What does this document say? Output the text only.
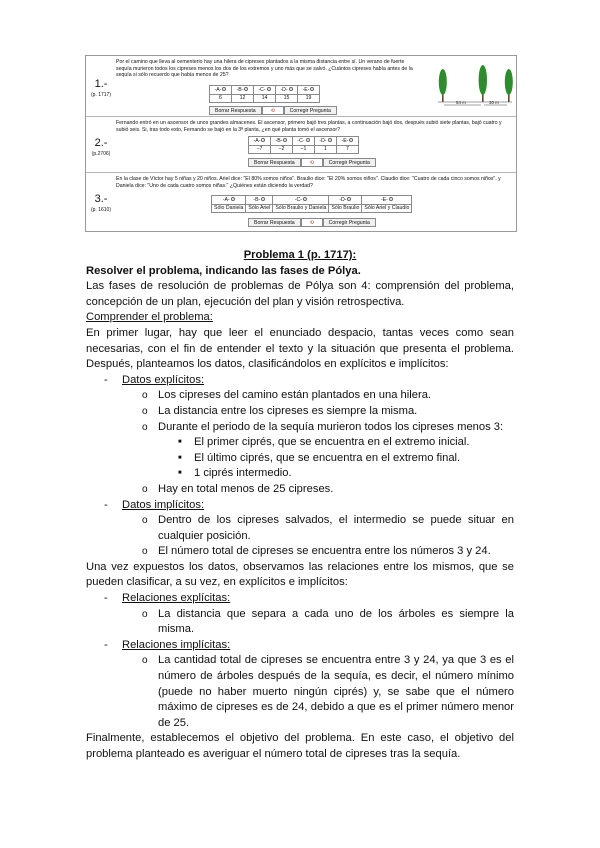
1.-
(p. 1717)
Por el camino que lleva al cementerio hay una hilera de cipreses plantados a la misma distancia entre sí. Un verano de fuerte sequía murieron todos los cipreses menos los dos de los extremos y uno más que se salvó. ¿Cuántos cipreses había antes de la sequía si sólo recuerdo que había menos de 25?
-A-	-B-	-C-	-D-	-E-
6	12	14	15	19
Borrar Respuesta	⟲	Corregir Pregunta
54 m	30 m
2.-
(p.2706)
Fernando entró en un ascensor de unos grandes almacenes. El ascensor, primero bajó tres plantas, a continuación bajó dos, después subió siete plantas, bajó cuatro y subió seis. Si, tras todo esto, Fernando se bajó en la 3ª planta, ¿en qué planta tomó el ascensor?
-A-	-B-	-C-	-D-	-E-
−7	−2	−1	1	7
Borrar Respuesta	⟲	Corregir Pregunta
3.-
(p. 1610)
En la clase de Víctor hay 5 niñas y 20 niños. Ariel dice: "El 80% somos niños". Braulio dice: "El 20% somos niños". Claudio dice: "Cuatro de cada cinco somos niños". y Daniela dice: "Uno de cada cuatro somos niñas." ¿Quiénes están diciendo la verdad?
-A-	-B-	-C-	-D-	-E-
Sólo Daniela	Sólo Ariel	Sólo Braulio y Daniela	Sólo Braulio	Sólo Ariel y Claudio
Borrar Respuesta	⟲	Corregir Pregunta

Problema 1 (p. 1717):

Resolver el problema, indicando las fases de Pólya.

Las fases de resolución de problemas de Pólya son 4: comprensión del problema, concepción de un plan, ejecución del plan y visión retrospectiva.

Comprender el problema:

En primer lugar, hay que leer el enunciado despacio, tantas veces como sean necesarias, con el fin de entender el texto y la situación que presenta el problema. Después, planteamos los datos, clasificándolos en explícitos e implícitos:

- Datos explícitos:

o Los cipreses del camino están plantados en una hilera.

o La distancia entre los cipreses es siempre la misma.

o Durante el periodo de la sequía murieron todos los cipreses menos 3:

■ El primer ciprés, que se encuentra en el extremo inicial.

■ El último ciprés, que se encuentra en el extremo final.

■ 1 ciprés intermedio.

o Hay en total menos de 25 cipreses.

- Datos implícitos:

o Dentro de los cipreses salvados, el intermedio se puede situar en cualquier posición.

o El número total de cipreses se encuentra entre los números 3 y 24.

Una vez expuestos los datos, observamos las relaciones entre los mismos, que se pueden clasificar, a su vez, en explícitos e implícitos:

- Relaciones explícitas:

o La distancia que separa a cada uno de los árboles es siempre la misma.

- Relaciones implícitas:

o La cantidad total de cipreses se encuentra entre 3 y 24, ya que 3 es el número de árboles después de la sequía, es decir, el número mínimo (puede no haber muerto ningún ciprés) y, se sabe que el número máximo de cipreses es de 24, debido a que es el primer número menor de 25.

Finalmente, establecemos el objetivo del problema. En este caso, el objetivo del problema planteado es averiguar el número total de cipreses tras la sequía.
